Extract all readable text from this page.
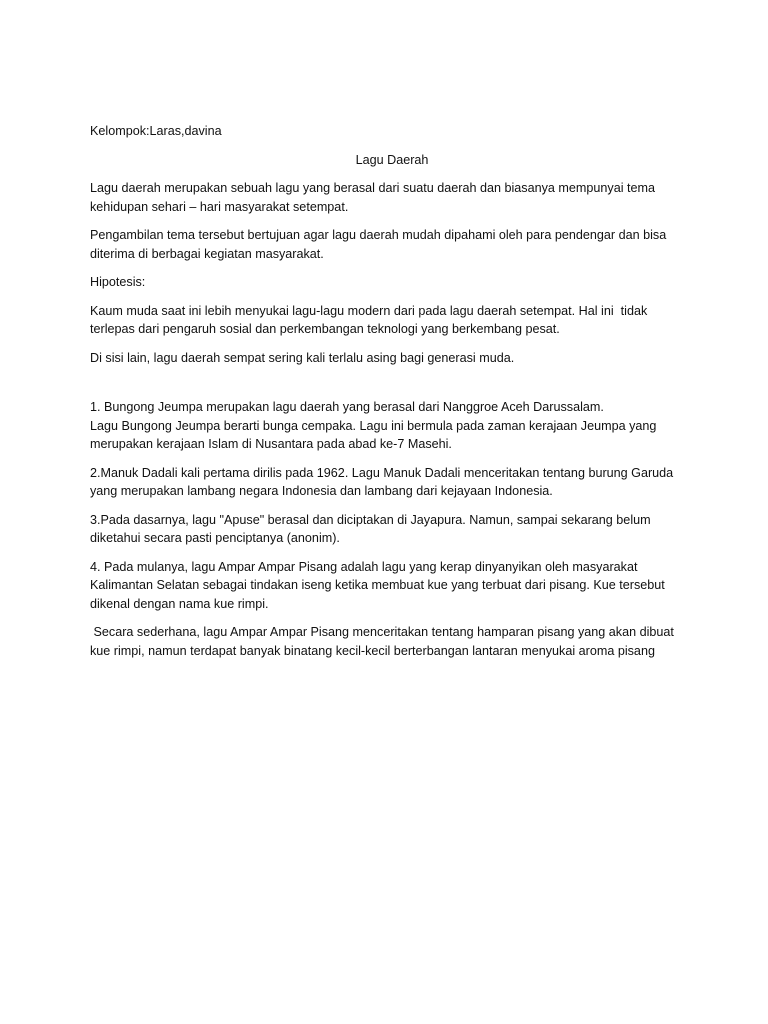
Kelompok:Laras,davina

Lagu Daerah

Lagu daerah merupakan sebuah lagu yang berasal dari suatu daerah dan biasanya mempunyai tema kehidupan sehari – hari masyarakat setempat.

Pengambilan tema tersebut bertujuan agar lagu daerah mudah dipahami oleh para pendengar dan bisa diterima di berbagai kegiatan masyarakat.

Hipotesis:

Kaum muda saat ini lebih menyukai lagu-lagu modern dari pada lagu daerah setempat. Hal ini  tidak terlepas dari pengaruh sosial dan perkembangan teknologi yang berkembang pesat.

Di sisi lain, lagu daerah sempat sering kali terlalu asing bagi generasi muda.

1. Bungong Jeumpa merupakan lagu daerah yang berasal dari Nanggroe Aceh Darussalam.

Lagu Bungong Jeumpa berarti bunga cempaka. Lagu ini bermula pada zaman kerajaan Jeumpa yang merupakan kerajaan Islam di Nusantara pada abad ke-7 Masehi.

2.Manuk Dadali kali pertama dirilis pada 1962. Lagu Manuk Dadali menceritakan tentang burung Garuda yang merupakan lambang negara Indonesia dan lambang dari kejayaan Indonesia.

3.Pada dasarnya, lagu "Apuse" berasal dan diciptakan di Jayapura. Namun, sampai sekarang belum diketahui secara pasti penciptanya (anonim).

4. Pada mulanya, lagu Ampar Ampar Pisang adalah lagu yang kerap dinyanyikan oleh masyarakat Kalimantan Selatan sebagai tindakan iseng ketika membuat kue yang terbuat dari pisang. Kue tersebut dikenal dengan nama kue rimpi.

Secara sederhana, lagu Ampar Ampar Pisang menceritakan tentang hamparan pisang yang akan dibuat kue rimpi, namun terdapat banyak binatang kecil-kecil berterbangan lantaran menyukai aroma pisang
